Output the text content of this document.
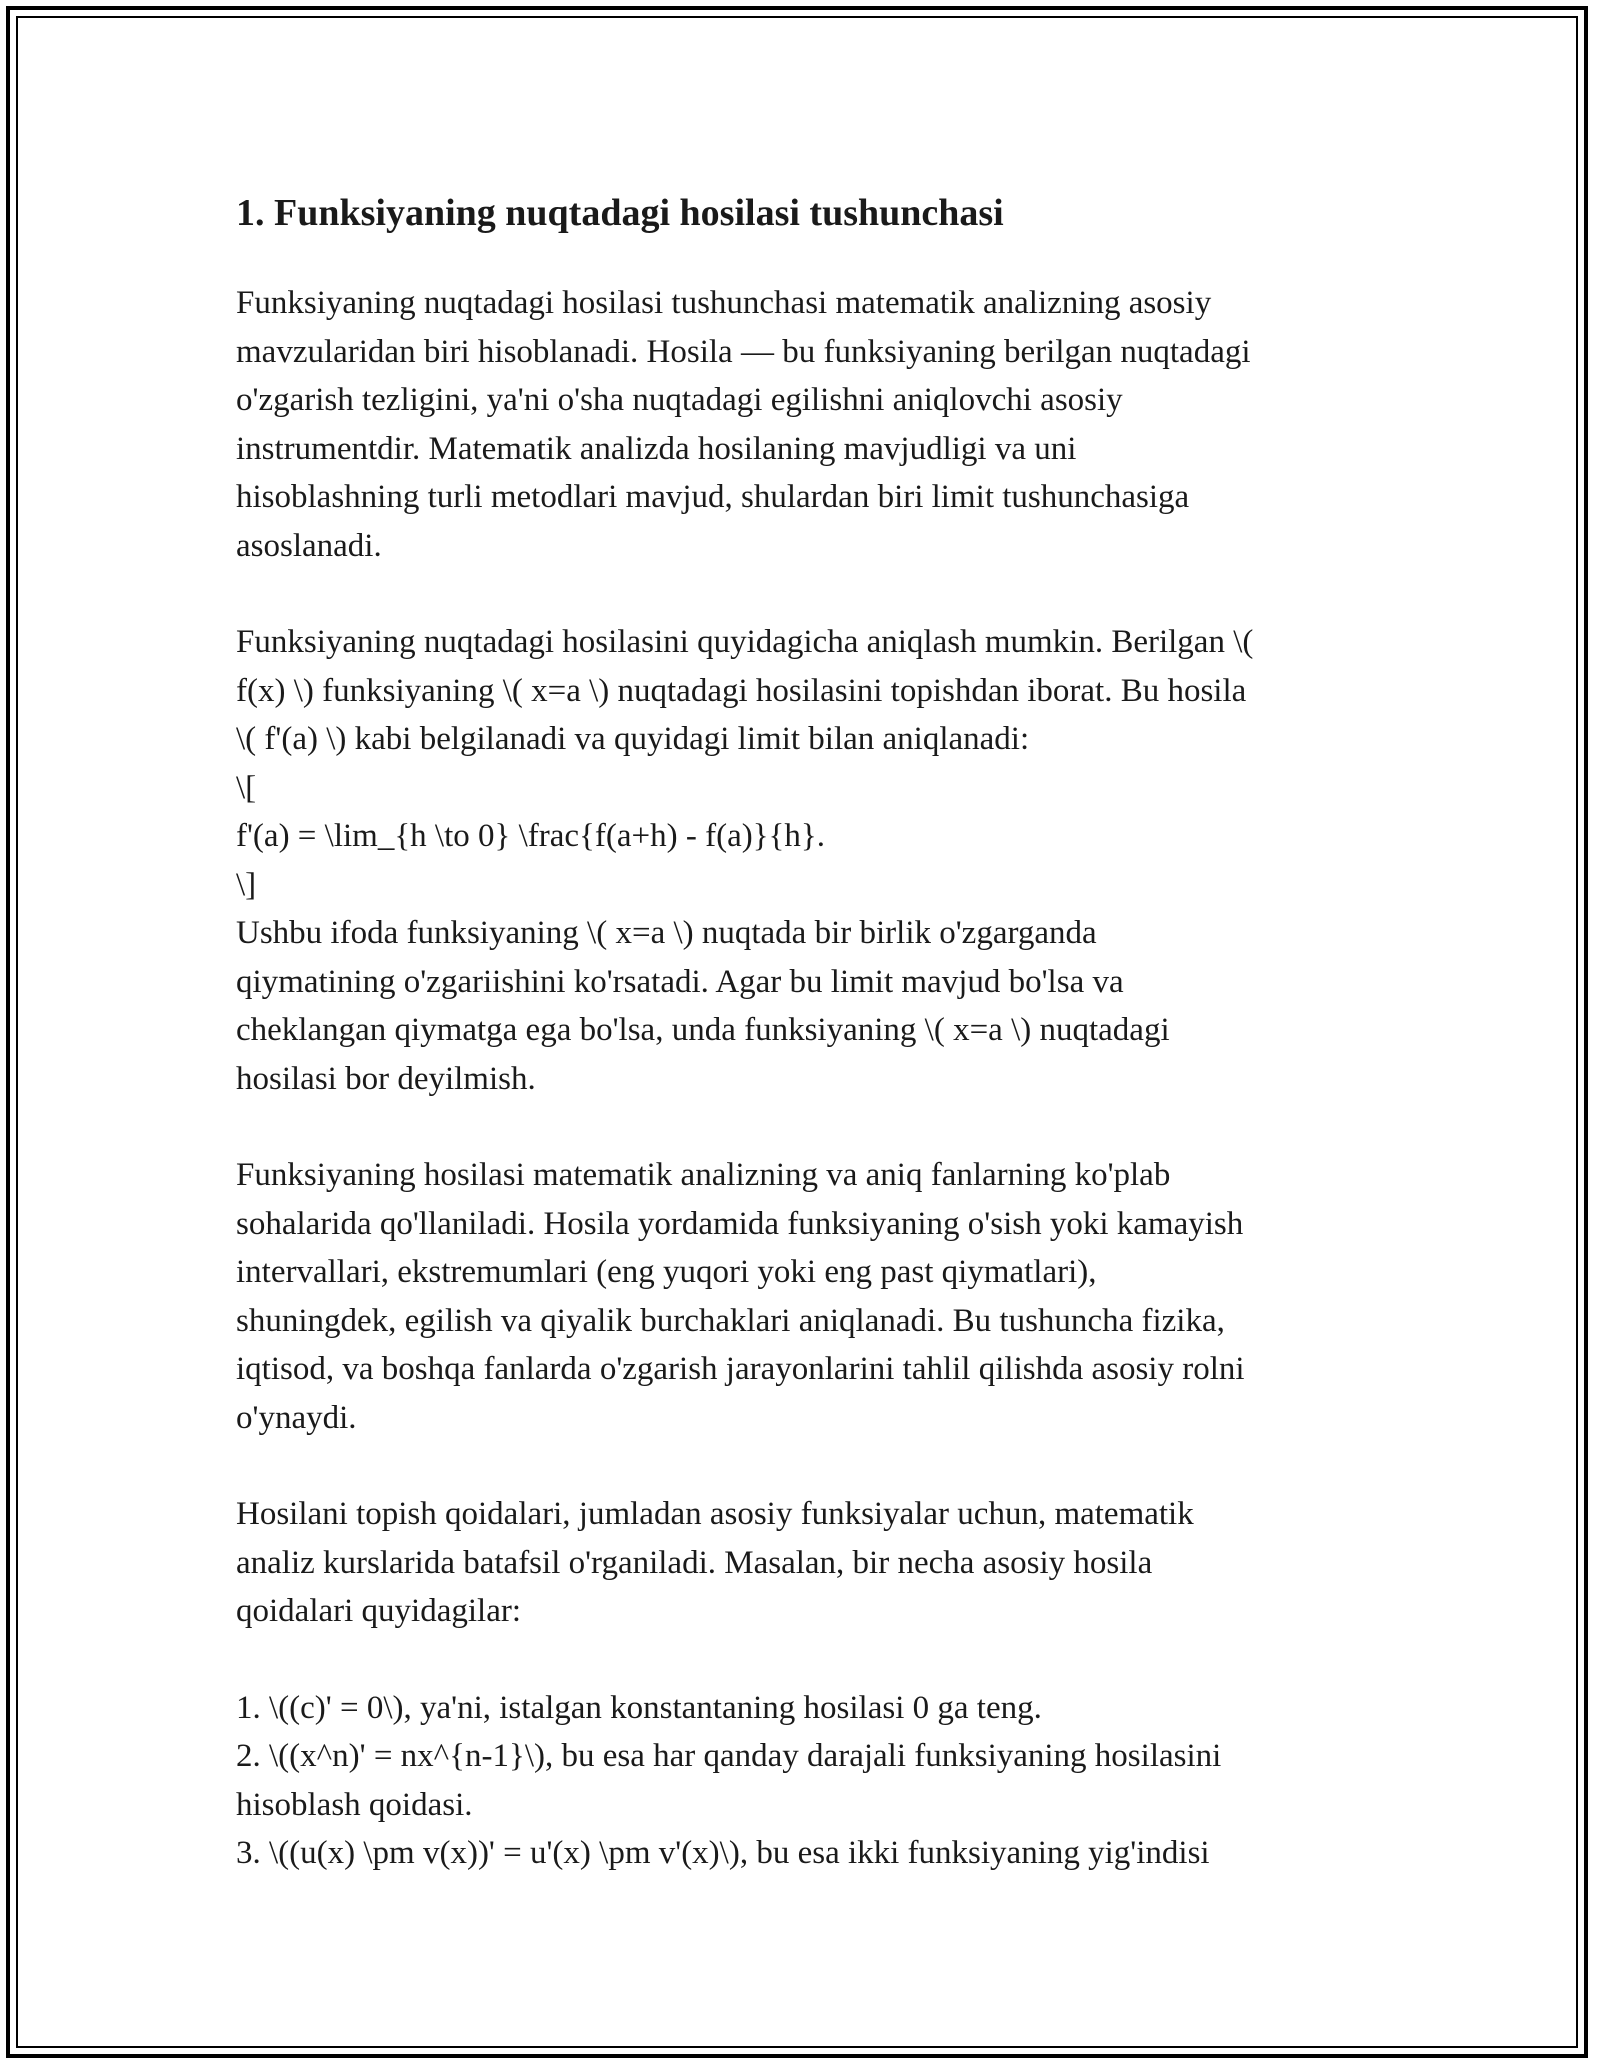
1. Funksiyaning nuqtadagi hosilasi tushunchasi

Funksiyaning nuqtadagi hosilasi tushunchasi matematik analizning asosiy
mavzularidan biri hisoblanadi. Hosila — bu funksiyaning berilgan nuqtadagi
o'zgarish tezligini, ya'ni o'sha nuqtadagi egilishni aniqlovchi asosiy
instrumentdir. Matematik analizda hosilaning mavjudligi va uni
hisoblashning turli metodlari mavjud, shulardan biri limit tushunchasiga
asoslanadi.

Funksiyaning nuqtadagi hosilasini quyidagicha aniqlash mumkin. Berilgan \(
f(x) \) funksiyaning \( x=a \) nuqtadagi hosilasini topishdan iborat. Bu hosila
\( f'(a) \) kabi belgilanadi va quyidagi limit bilan aniqlanadi:
\[
f'(a) = \lim_{h \to 0} \frac{f(a+h) - f(a)}{h}.
\]
Ushbu ifoda funksiyaning \( x=a \) nuqtada bir birlik o'zgarganda
qiymatining o'zgariishini ko'rsatadi. Agar bu limit mavjud bo'lsa va
cheklangan qiymatga ega bo'lsa, unda funksiyaning \( x=a \) nuqtadagi
hosilasi bor deyilmish.

Funksiyaning hosilasi matematik analizning va aniq fanlarning ko'plab
sohalarida qo'llaniladi. Hosila yordamida funksiyaning o'sish yoki kamayish
intervallari, ekstremumlari (eng yuqori yoki eng past qiymatlari),
shuningdek, egilish va qiyalik burchaklari aniqlanadi. Bu tushuncha fizika,
iqtisod, va boshqa fanlarda o'zgarish jarayonlarini tahlil qilishda asosiy rolni
o'ynaydi.

Hosilani topish qoidalari, jumladan asosiy funksiyalar uchun, matematik
analiz kurslarida batafsil o'rganiladi. Masalan, bir necha asosiy hosila
qoidalari quyidagilar:

1. \((c)' = 0\), ya'ni, istalgan konstantaning hosilasi 0 ga teng.
2. \((x^n)' = nx^{n-1}\), bu esa har qanday darajali funksiyaning hosilasini
hisoblash qoidasi.
3. \((u(x) \pm v(x))' = u'(x) \pm v'(x)\), bu esa ikki funksiyaning yig'indisi
